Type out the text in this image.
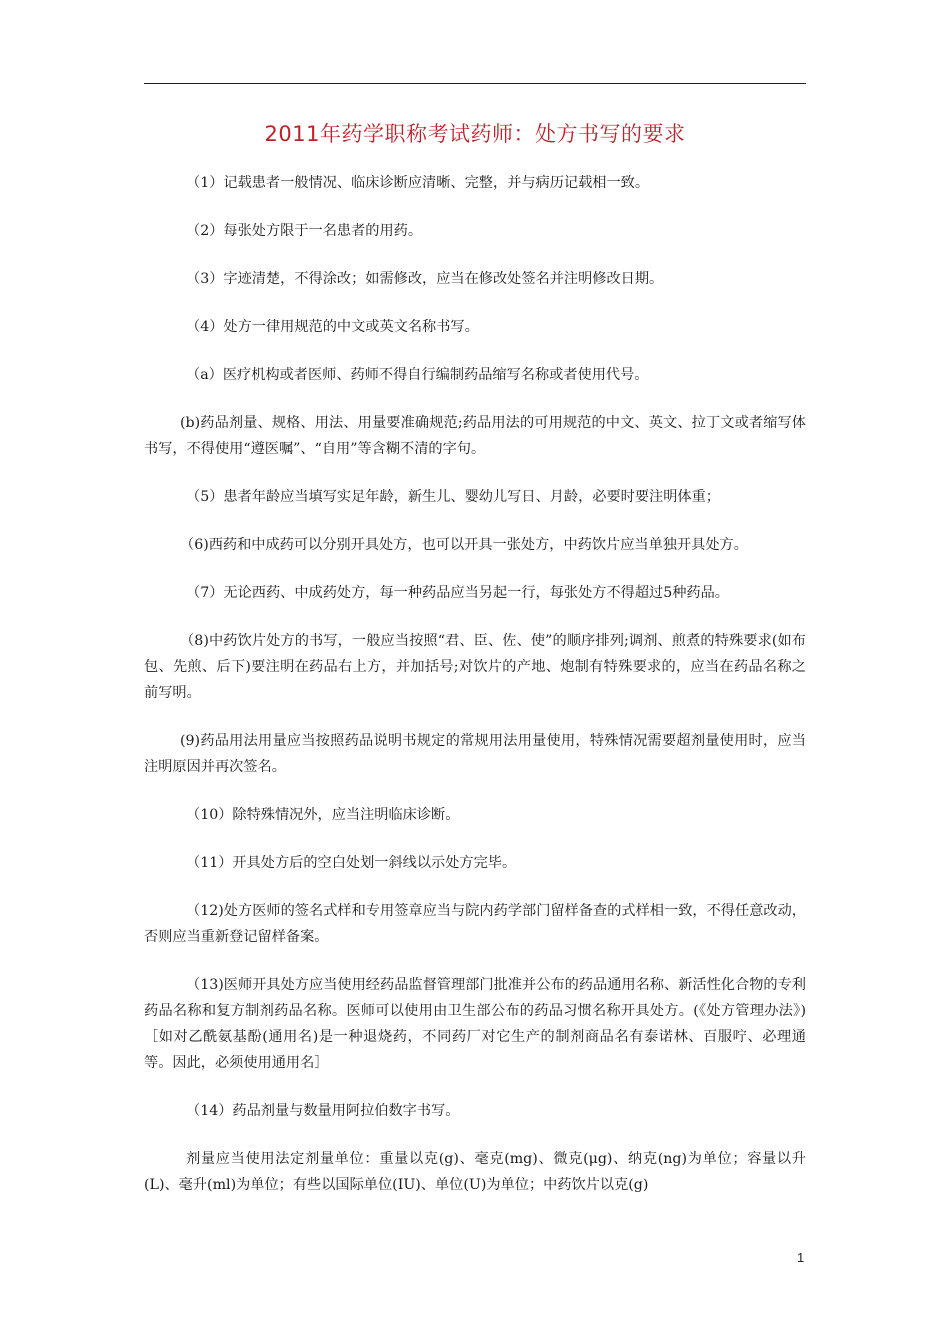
2011年药学职称考试药师：处方书写的要求

（1）记载患者一般情况、临床诊断应清晰、完整，并与病历记载相一致。

（2）每张处方限于一名患者的用药。

（3）字迹清楚，不得涂改；如需修改，应当在修改处签名并注明修改日期。

（4）处方一律用规范的中文或英文名称书写。

（a）医疗机构或者医师、药师不得自行编制药品缩写名称或者使用代号。

(b)药品剂量、规格、用法、用量要准确规范;药品用法的可用规范的中文、英文、拉丁文或者缩写体书写，不得使用“遵医嘱”、“自用”等含糊不清的字句。

（5）患者年龄应当填写实足年龄，新生儿、婴幼儿写日、月龄，必要时要注明体重；

（6)西药和中成药可以分别开具处方，也可以开具一张处方，中药饮片应当单独开具处方。

（7）无论西药、中成药处方，每一种药品应当另起一行，每张处方不得超过5种药品。

（8)中药饮片处方的书写，一般应当按照“君、臣、佐、使”的顺序排列;调剂、煎煮的特殊要求(如布包、先煎、后下)要注明在药品右上方，并加括号;对饮片的产地、炮制有特殊要求的，应当在药品名称之前写明。

(9)药品用法用量应当按照药品说明书规定的常规用法用量使用，特殊情况需要超剂量使用时，应当注明原因并再次签名。

（10）除特殊情况外，应当注明临床诊断。

（11）开具处方后的空白处划一斜线以示处方完毕。

（12)处方医师的签名式样和专用签章应当与院内药学部门留样备查的式样相一致，不得任意改动，否则应当重新登记留样备案。

（13)医师开具处方应当使用经药品监督管理部门批准并公布的药品通用名称、新活性化合物的专利药品名称和复方制剂药品名称。医师可以使用由卫生部公布的药品习惯名称开具处方。(《处方管理办法》)［如对乙酰氨基酚(通用名)是一种退烧药，不同药厂对它生产的制剂商品名有泰诺林、百服咛、必理通等。因此，必须使用通用名］

（14）药品剂量与数量用阿拉伯数字书写。

剂量应当使用法定剂量单位：重量以克(g)、毫克(mg)、微克(μg)、纳克(ng)为单位；容量以升(L)、毫升(ml)为单位；有些以国际单位(IU)、单位(U)为单位；中药饮片以克(g)

1
